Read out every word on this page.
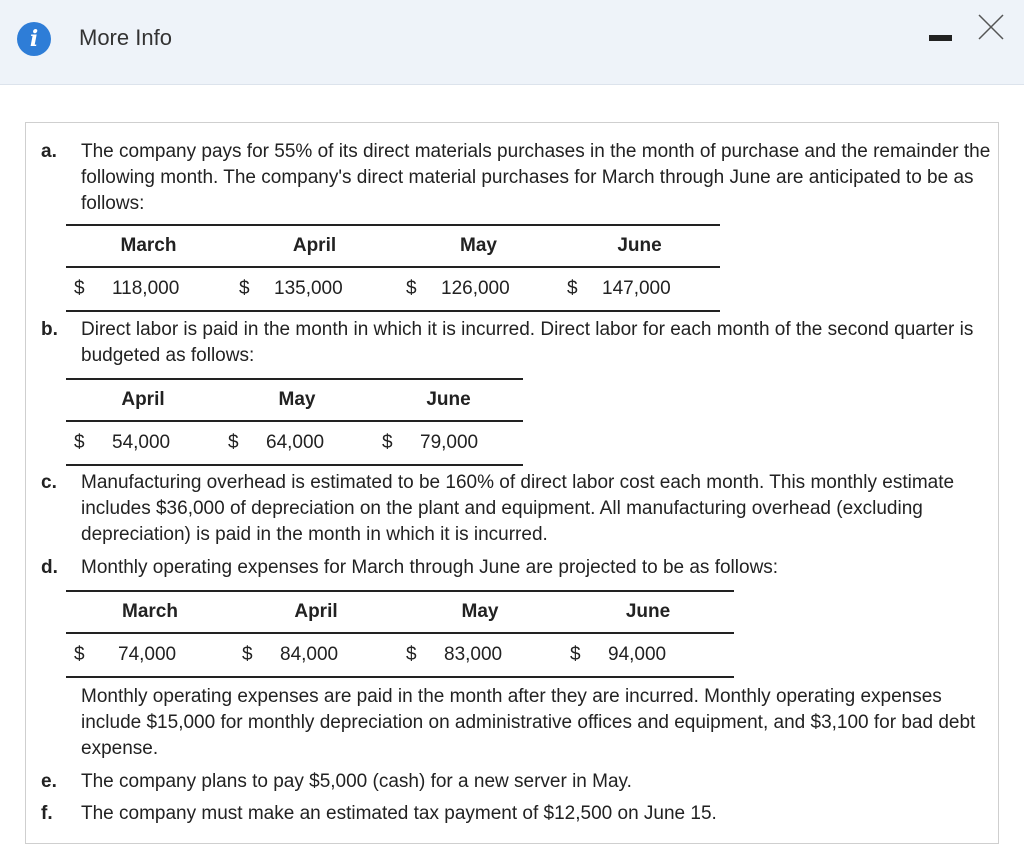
i	More Info
a. The company pays for 55% of its direct materials purchases in the month of purchase and the remainder the following month. The company's direct material purchases for March through June are anticipated to be as follows:
March		April		May		June	
$	118,000	$	135,000	$	126,000	$	147,000
b. Direct labor is paid in the month in which it is incurred. Direct labor for each month of the second quarter is budgeted as follows:
April		May		June	
$	54,000	$	64,000	$	79,000
c. Manufacturing overhead is estimated to be 160% of direct labor cost each month. This monthly estimate includes $36,000 of depreciation on the plant and equipment. All manufacturing overhead (excluding depreciation) is paid in the month in which it is incurred.
d. Monthly operating expenses for March through June are projected to be as follows:
March		April		May		June	
$	74,000	$	84,000	$	83,000	$	94,000
Monthly operating expenses are paid in the month after they are incurred. Monthly operating expenses include $15,000 for monthly depreciation on administrative offices and equipment, and $3,100 for bad debt expense.
e. The company plans to pay $5,000 (cash) for a new server in May.
f. The company must make an estimated tax payment of $12,500 on June 15.
